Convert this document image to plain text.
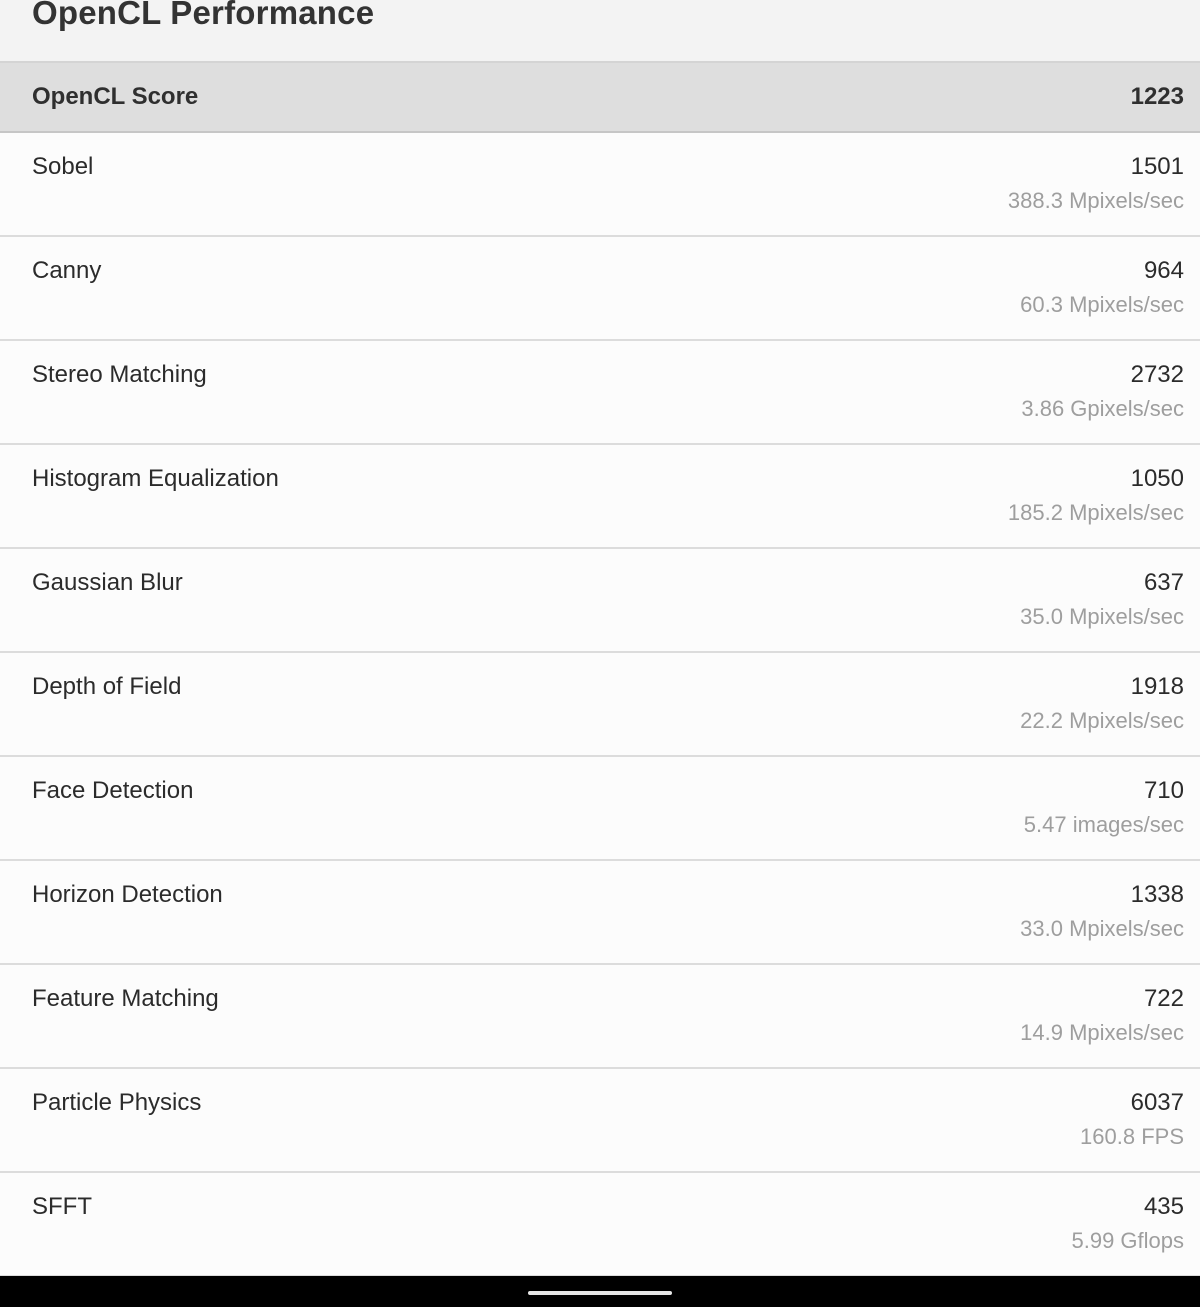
OpenCL Performance
OpenCL Score	1223
Sobel	1501
388.3 Mpixels/sec
Canny	964
60.3 Mpixels/sec
Stereo Matching	2732
3.86 Gpixels/sec
Histogram Equalization	1050
185.2 Mpixels/sec
Gaussian Blur	637
35.0 Mpixels/sec
Depth of Field	1918
22.2 Mpixels/sec
Face Detection	710
5.47 images/sec
Horizon Detection	1338
33.0 Mpixels/sec
Feature Matching	722
14.9 Mpixels/sec
Particle Physics	6037
160.8 FPS
SFFT	435
5.99 Gflops
